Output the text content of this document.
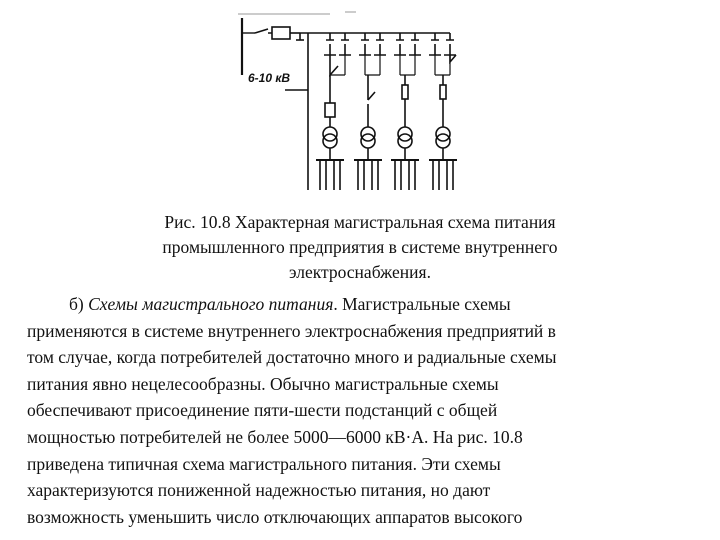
6-10 кВ
Рис. 10.8 Характерная магистральная схема питания
промышленного предприятия в системе внутреннего
электроснабжения.
б) Схемы магистрального питания. Магистральные схемы
применяются в системе внутреннего электроснабжения предприятий в
том случае, когда потребителей достаточно много и радиальные схемы
питания явно нецелесообразны. Обычно магистральные схемы
обеспечивают присоединение пяти-шести подстанций с общей
мощностью потребителей не более 5000—6000 кВ·А. На рис. 10.8
приведена типичная схема магистрального питания. Эти схемы
характеризуются пониженной надежностью питания, но дают
возможность уменьшить число отключающих аппаратов высокого
